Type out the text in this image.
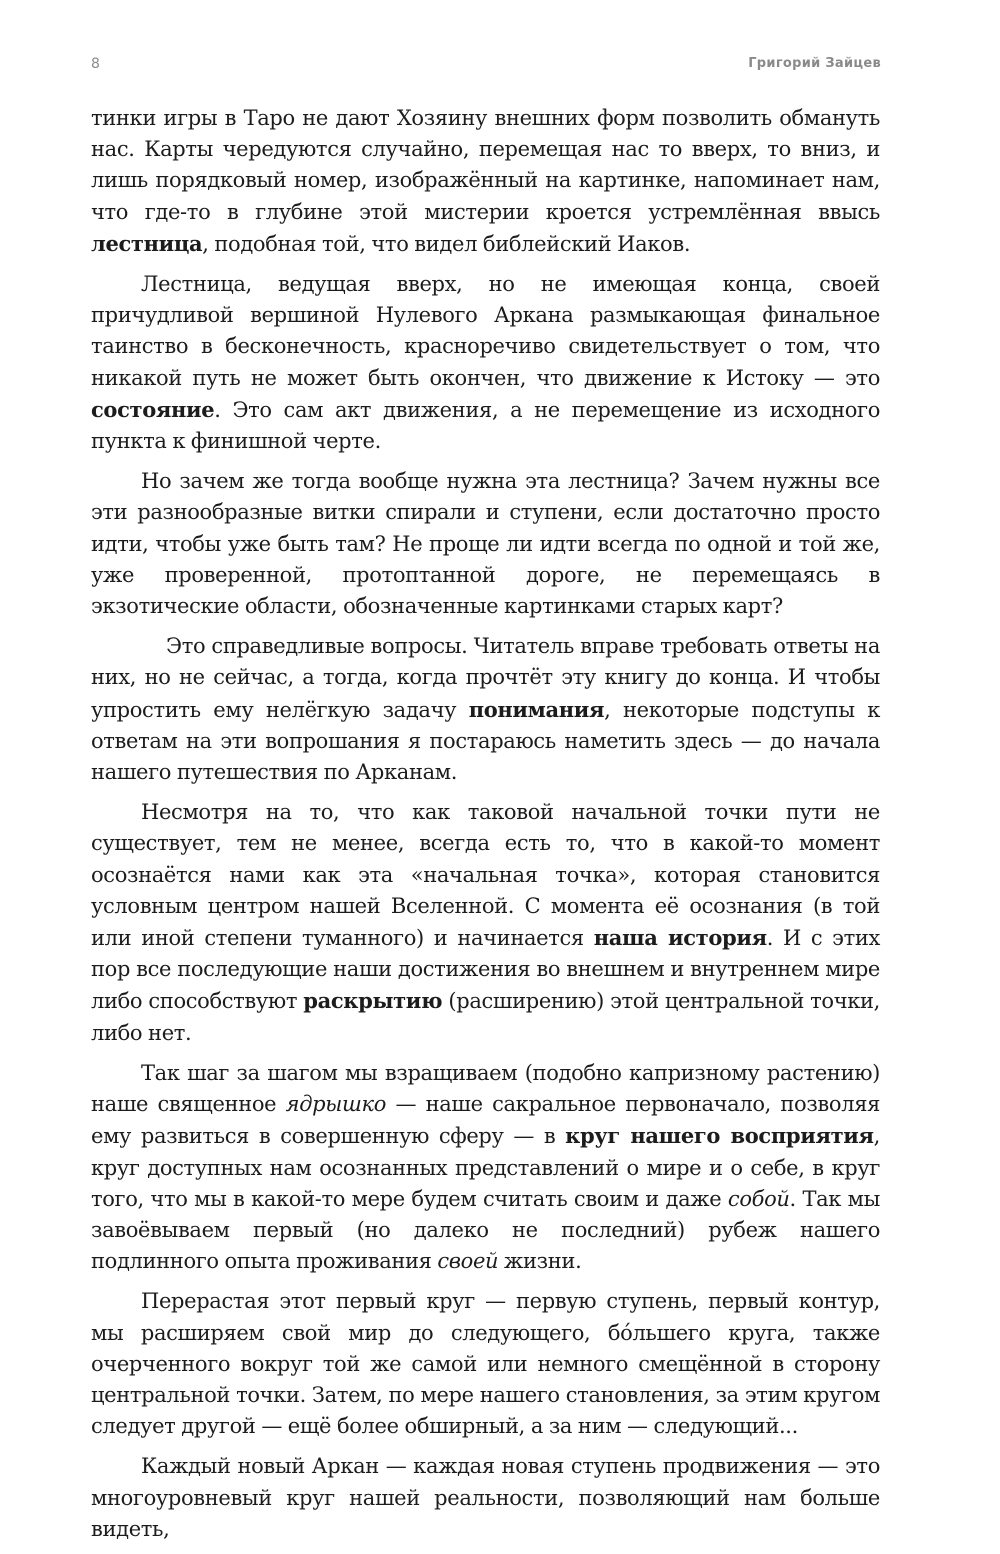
8	Григорий Зайцев

тинки игры в Таро не дают Хозяину внешних форм позволить обмануть нас. Карты чередуются случайно, перемещая нас то вверх, то вниз, и лишь порядковый номер, изображённый на картинке, напоминает нам, что где-то в глубине этой мистерии кроется устремлённая ввысь лестница, подобная той, что видел библейский Иаков.

Лестница, ведущая вверх, но не имеющая конца, своей причудливой вершиной Нулевого Аркана размыкающая финальное таинство в бесконечность, красноречиво свидетельствует о том, что никакой путь не может быть окончен, что движение к Истоку — это состояние. Это сам акт движения, а не перемещение из исходного пункта к финишной черте.

Но зачем же тогда вообще нужна эта лестница? Зачем нужны все эти разнообразные витки спирали и ступени, если достаточно просто идти, чтобы уже быть там? Не проще ли идти всегда по одной и той же, уже проверенной, протоптанной дороге, не перемещаясь в экзотические области, обозначенные картинками старых карт?

Это справедливые вопросы. Читатель вправе требовать ответы на них, но не сейчас, а тогда, когда прочтёт эту книгу до конца. И чтобы упростить ему нелёгкую задачу понимания, некоторые подступы к ответам на эти вопрошания я постараюсь наметить здесь — до начала нашего путешествия по Арканам.

Несмотря на то, что как таковой начальной точки пути не существует, тем не менее, всегда есть то, что в какой-то момент осознаётся нами как эта «начальная точка», которая становится условным центром нашей Вселенной. С момента её осознания (в той или иной степени туманного) и начинается наша история. И с этих пор все последующие наши достижения во внешнем и внутреннем мире либо способствуют раскрытию (расширению) этой центральной точки, либо нет.

Так шаг за шагом мы взращиваем (подобно капризному растению) наше священное ядрышко — наше сакральное первоначало, позволяя ему развиться в совершенную сферу — в круг нашего восприятия, круг доступных нам осознанных представлений о мире и о себе, в круг того, что мы в какой-то мере будем считать своим и даже собой. Так мы завоёвываем первый (но далеко не последний) рубеж нашего подлинного опыта проживания своей жизни.

Перерастая этот первый круг — первую ступень, первый контур, мы расширяем свой мир до следующего, бóльшего круга, также очерченного вокруг той же самой или немного смещённой в сторону центральной точки. Затем, по мере нашего становления, за этим кругом следует другой — ещё более обширный, а за ним — следующий...

Каждый новый Аркан — каждая новая ступень продвижения — это многоуровневый круг нашей реальности, позволяющий нам больше видеть,
